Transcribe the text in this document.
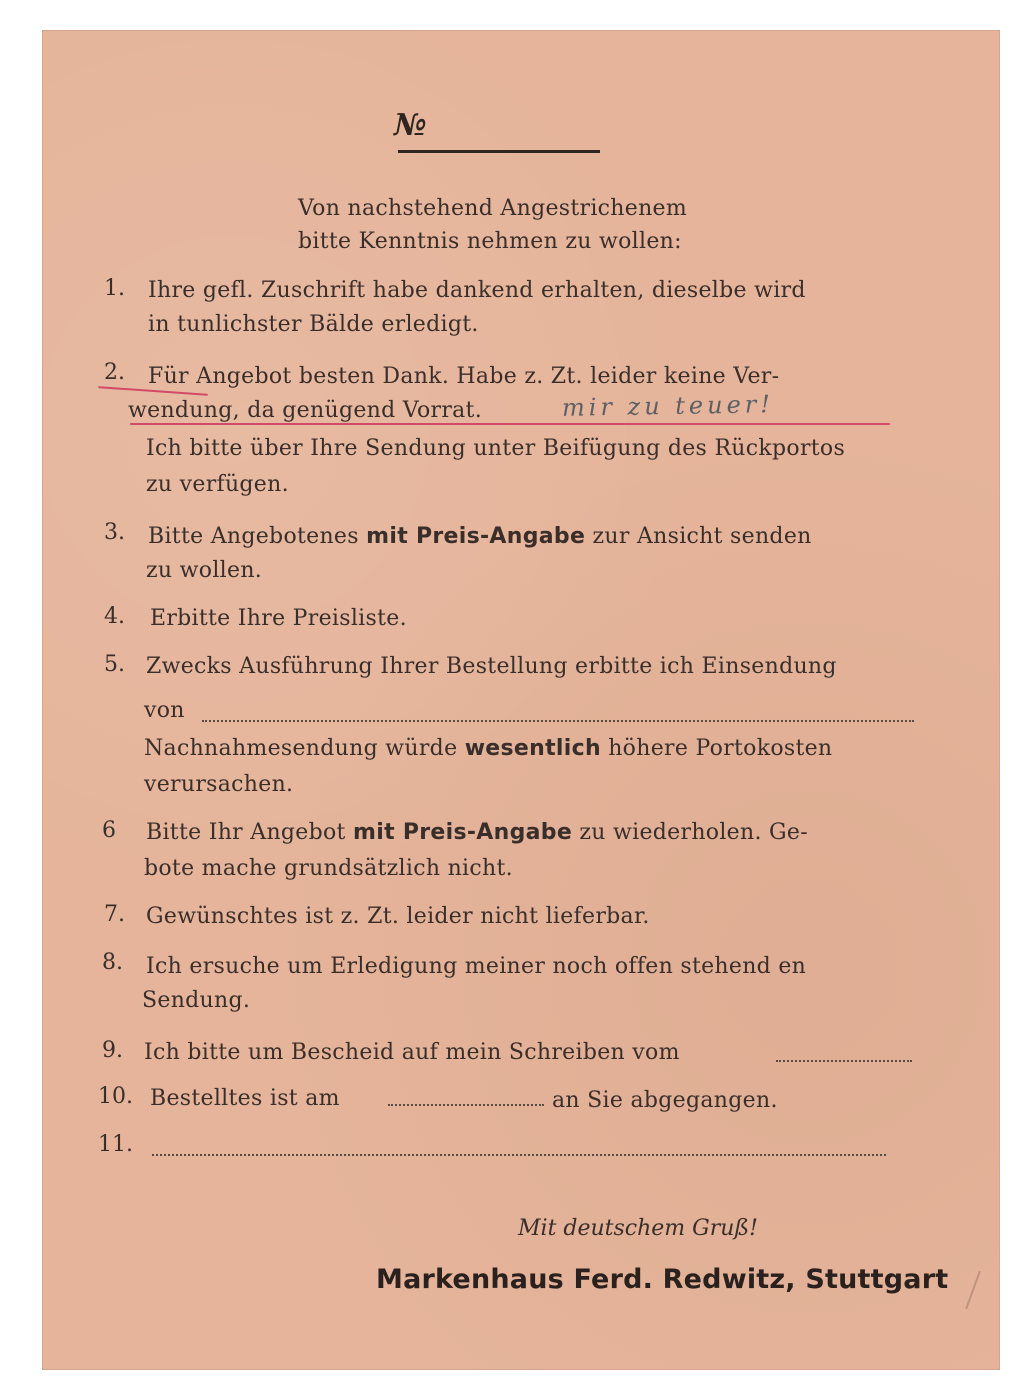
№
Von nachstehend Angestrichenem
bitte Kenntnis nehmen zu wollen:
1. Ihre gefl. Zuschrift habe dankend erhalten, dieselbe wird
in tunlichster Bälde erledigt.
2. Für Angebot besten Dank. Habe z. Zt. leider keine Ver-
wendung, da genügend Vorrat.	mir zu teuer!
Ich bitte über Ihre Sendung unter Beifügung des Rückportos
zu verfügen.
3. Bitte Angebotenes mit Preis-Angabe zur Ansicht senden
zu wollen.
4. Erbitte Ihre Preisliste.
5. Zwecks Ausführung Ihrer Bestellung erbitte ich Einsendung
von
Nachnahmesendung würde wesentlich höhere Portokosten
verursachen.
6 Bitte Ihr Angebot mit Preis-Angabe zu wiederholen. Ge-
bote mache grundsätzlich nicht.
7. Gewünschtes ist z. Zt. leider nicht lieferbar.
8. Ich ersuche um Erledigung meiner noch offen stehend en
Sendung.
9. Ich bitte um Bescheid auf mein Schreiben vom
10. Bestelltes ist am	an Sie abgegangen.
11.
Mit deutschem Gruß!
Markenhaus Ferd. Redwitz, Stuttgart
